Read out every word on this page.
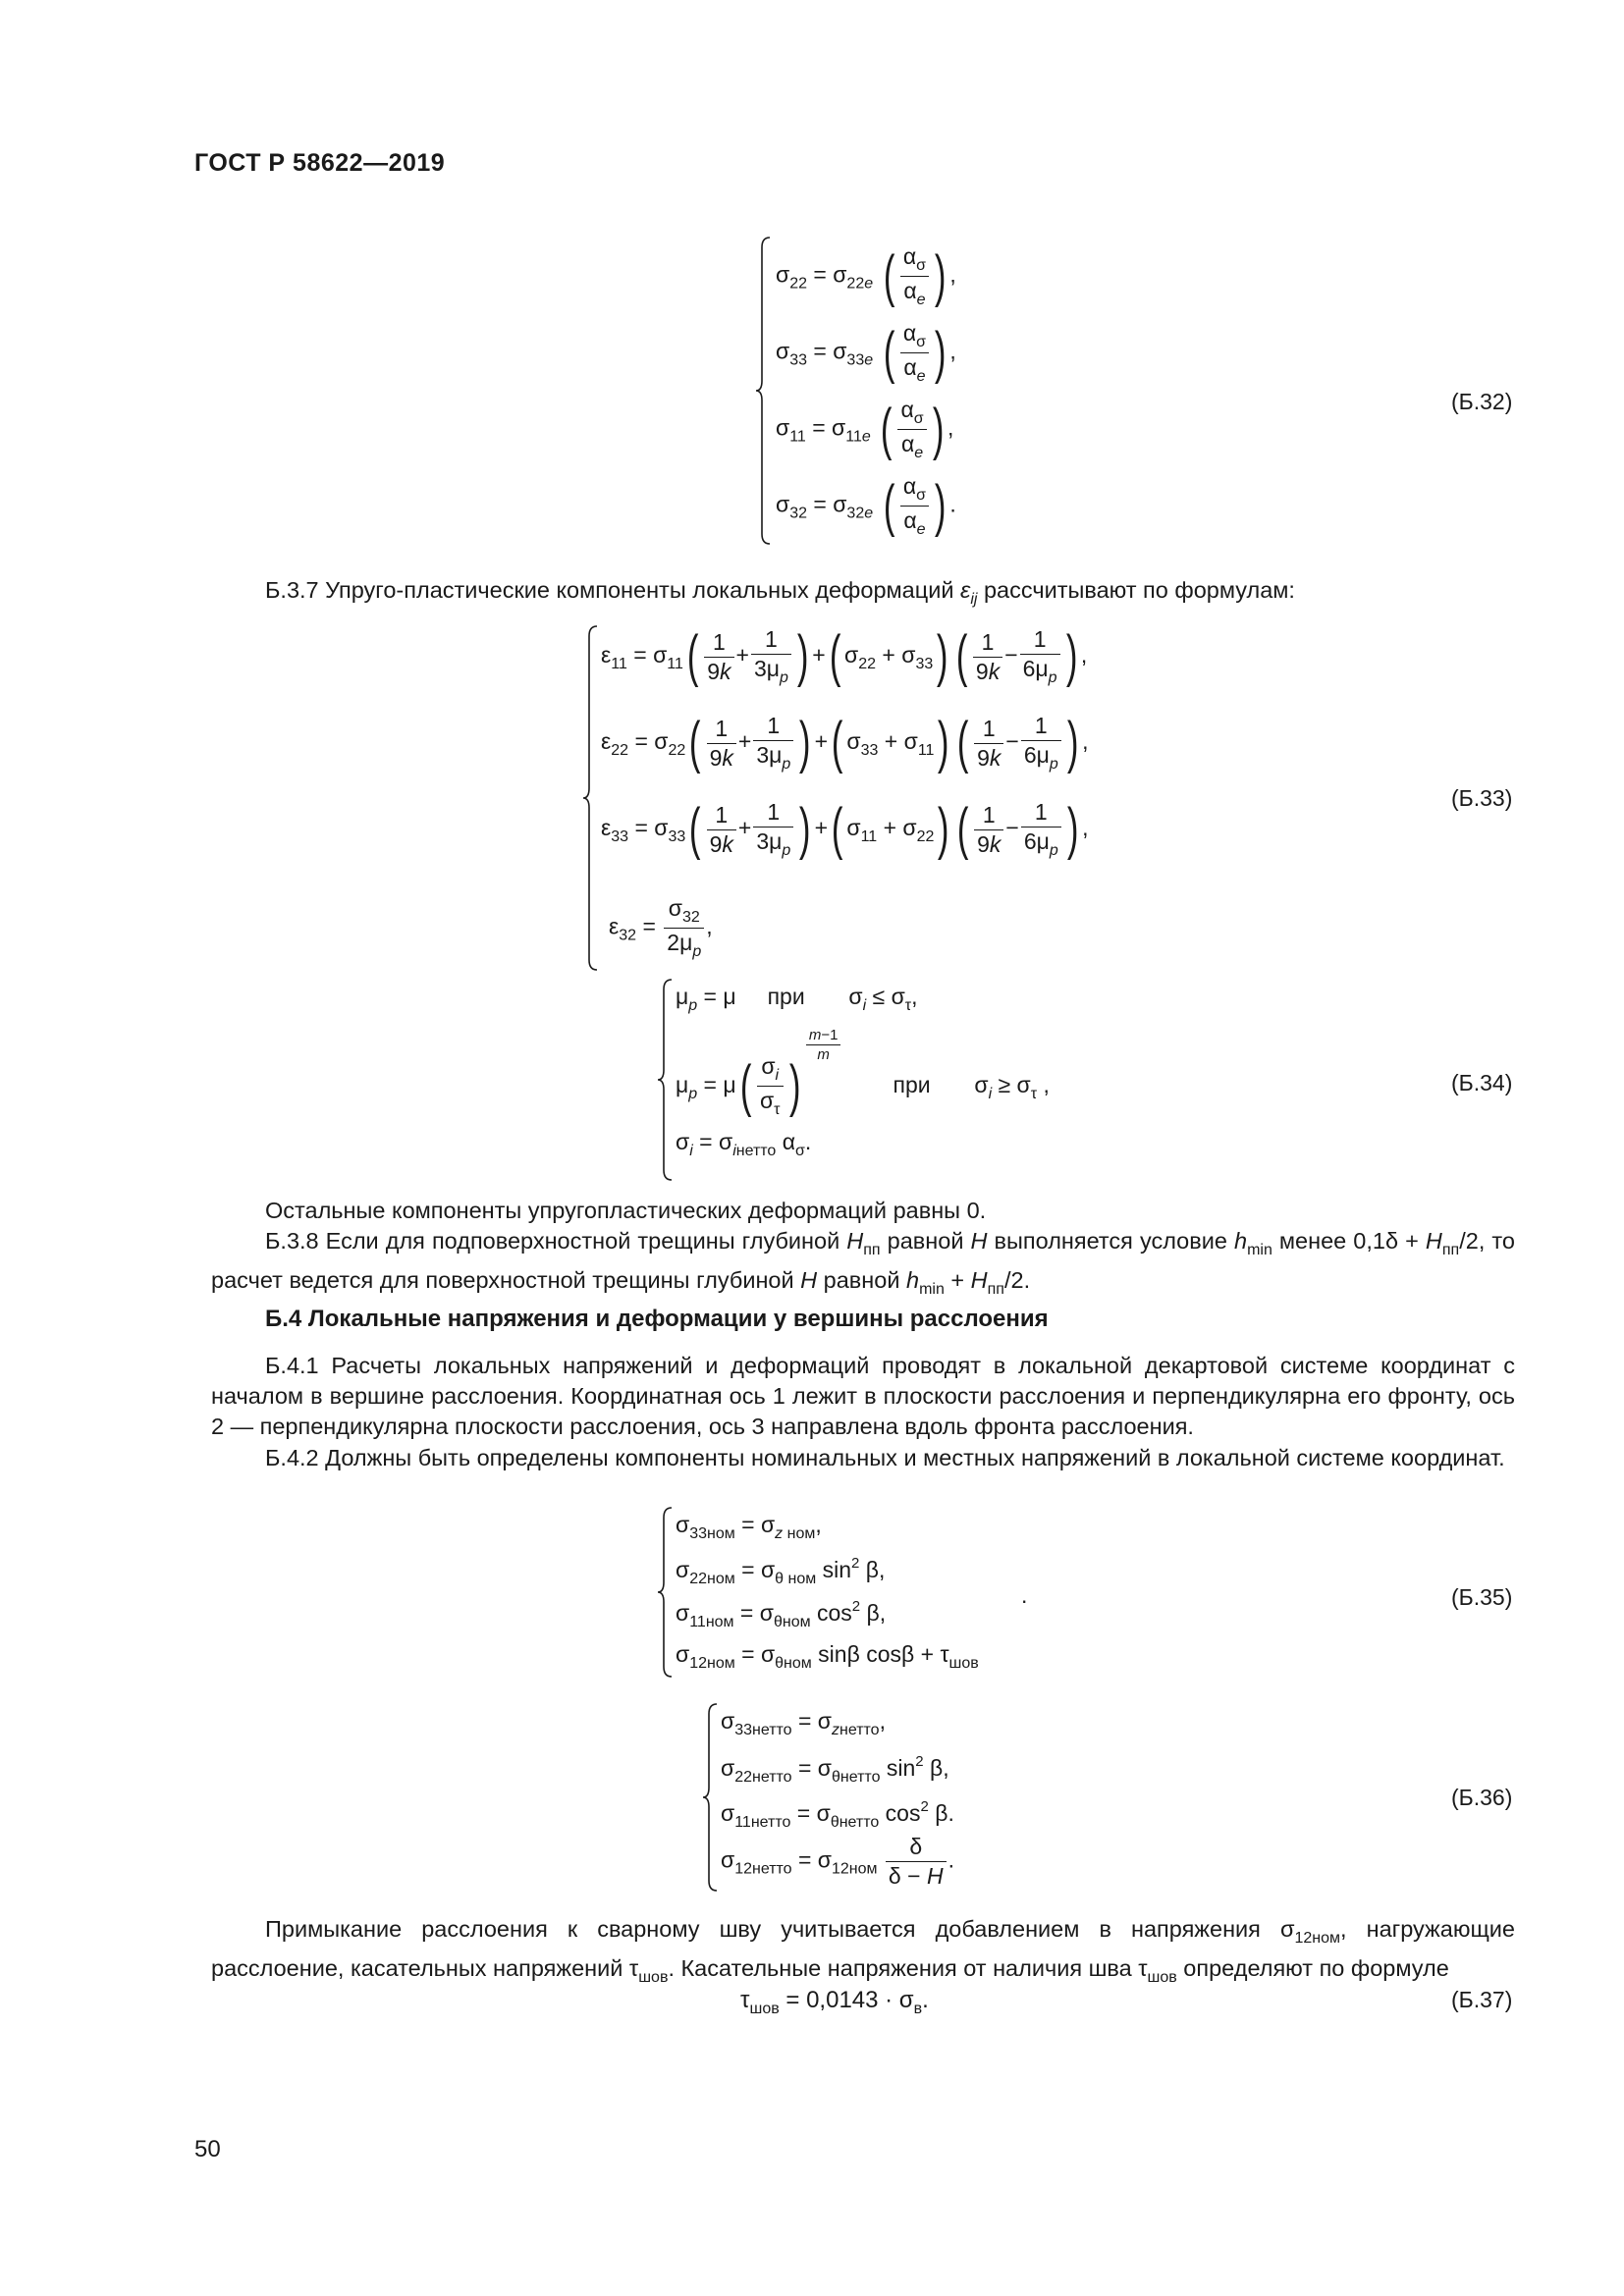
ГОСТ Р 58622—2019
$\sigma_{22} = \sigma_{22e}$ ( $\frac{\alpha_\sigma}{\alpha_e}$ ) ,
$\sigma_{33} = \sigma_{33e}$ ( $\frac{\alpha_\sigma}{\alpha_e}$ ) ,
$\sigma_{11} = \sigma_{11e}$ ( $\frac{\alpha_\sigma}{\alpha_e}$ ) ,
$\sigma_{32} = \sigma_{32e}$ ( $\frac{\alpha_\sigma}{\alpha_e}$ ) .
(Б.32)
Б.3.7 Упруго-пластические компоненты локальных деформаций $\varepsilon_{ij}$ рассчитывают по формулам:
$\varepsilon_{11} = \sigma_{11}( \frac{1}{9k} + \frac{1}{3\mu_p}$ ) +( $\sigma_{22} + \sigma_{33}$) ( $\frac{1}{9k} - \frac{1}{6\mu_p}$ ) ,
$\varepsilon_{22} = \sigma_{22}( \frac{1}{9k} + \frac{1}{3\mu_p}$ ) +( $\sigma_{33} + \sigma_{11}$) ( $\frac{1}{9k} - \frac{1}{6\mu_p}$ ) ,
$\varepsilon_{33} = \sigma_{33}( \frac{1}{9k} + \frac{1}{3\mu_p}$ ) +( $\sigma_{11} + \sigma_{22}$) ( $\frac{1}{9k} - \frac{1}{6\mu_p}$ ) ,
$\varepsilon_{32} = \frac{\sigma_{32}}{2\mu_p}$ ,
(Б.33)
$\mu_p = \mu$     при       $\sigma_i \le \sigma_\tau$,
$\mu_p = \mu( \frac{\sigma_i}{\sigma_\tau}$ )
$\frac{m-1}{m}$
при       $\sigma_i \ge \sigma_\tau$ ,
$\sigma_i = \sigma_{iнетто}$ $\alpha_\sigma$.
(Б.34)
Остальные компоненты упругопластических деформаций равны 0.
Б.3.8 Если для подповерхностной трещины глубиной $H_{пп}$ равной H выполняется условие $h_{min}$ менее $0,1\delta + H_{пп}/2$, то расчет ведется для поверхностной трещины глубиной H равной $h_{min} + H_{пп}/2$.
Б.4 Локальные напряжения и деформации у вершины расслоения
Б.4.1 Расчеты локальных напряжений и деформаций проводят в локальной декартовой системе координат с началом в вершине расслоения. Координатная ось 1 лежит в плоскости расслоения и перпендикулярна его фронту, ось 2 — перпендикулярна плоскости расслоения, ось 3 направлена вдоль фронта расслоения.
Б.4.2 Должны быть определены компоненты номинальных и местных напряжений в локальной системе координат.
$\sigma_{33ном} = \sigma_{z ном}$,
$\sigma_{22ном} = \sigma_{\theta ном}$ $\sin^2 \beta$,
$\sigma_{11ном} = \sigma_{\theta ном}$ $\cos^2 \beta$,
$\sigma_{12ном} = \sigma_{\theta ном}$ sinβ $\cos\beta + \tau_{шов}$
.	(Б.35)
$\sigma_{33нетто} = \sigma_{zнетто}$,
$\sigma_{22нетто} = \sigma_{\theta нетто}$ $\sin^2 \beta$,
$\sigma_{11нетто} = \sigma_{\theta нетто}$ $\cos^2 \beta$.
$\sigma_{12нетто} = \sigma_{12ном} \frac{\delta}{\delta - H}$ .
(Б.36)
Примыкание расслоения к сварному шву учитывается добавлением в напряжения $\sigma_{12ном}$, нагружающие расслоение, касательных напряжений $\tau_{шов}$. Касательные напряжения от наличия шва $\tau_{шов}$ определяют по формуле
$\tau_{шов} = 0,0143 \cdot \sigma_в$.	(Б.37)
50
